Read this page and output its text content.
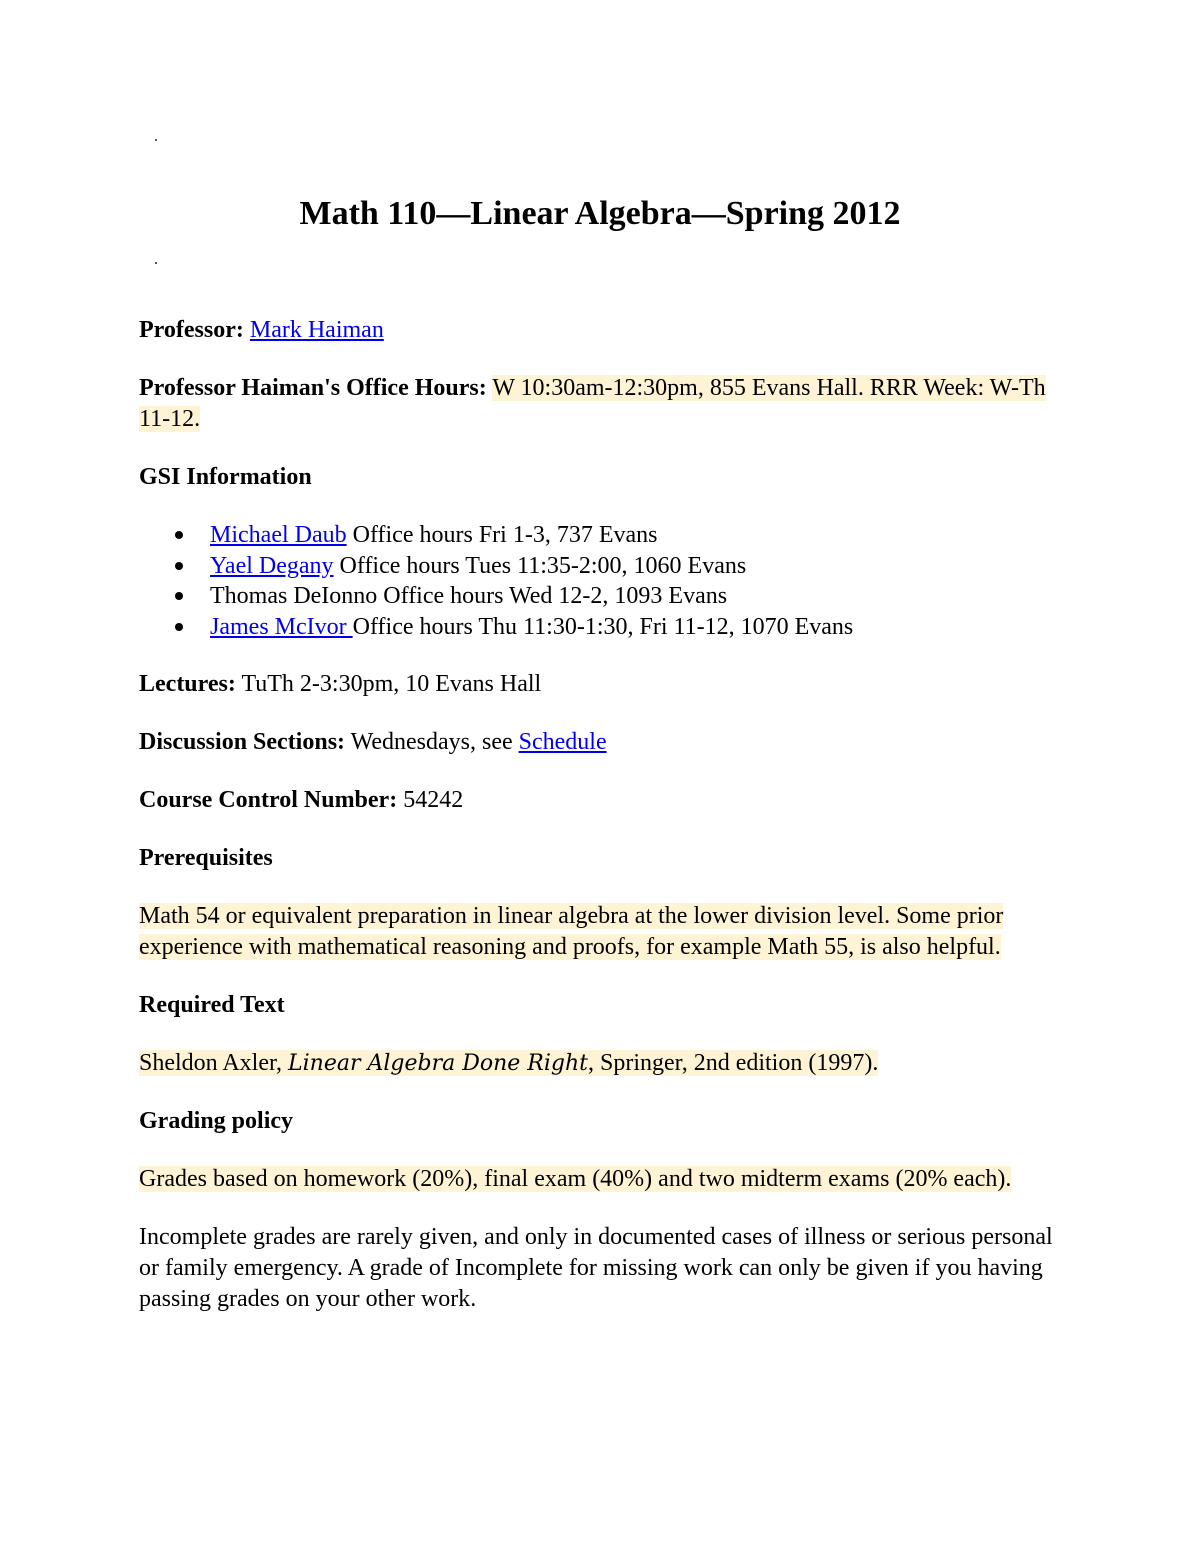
Math 110—Linear Algebra—Spring 2012

Professor: Mark Haiman

Professor Haiman's Office Hours: W 10:30am-12:30pm, 855 Evans Hall. RRR Week: W-Th 11-12.

GSI Information

Michael Daub Office hours Fri 1-3, 737 Evans
Yael Degany Office hours Tues 11:35-2:00, 1060 Evans
Thomas DeIonno Office hours Wed 12-2, 1093 Evans
James McIvor Office hours Thu 11:30-1:30, Fri 11-12, 1070 Evans

Lectures: TuTh 2-3:30pm, 10 Evans Hall

Discussion Sections: Wednesdays, see Schedule

Course Control Number: 54242

Prerequisites

Math 54 or equivalent preparation in linear algebra at the lower division level. Some prior experience with mathematical reasoning and proofs, for example Math 55, is also helpful.

Required Text

Sheldon Axler, Linear Algebra Done Right, Springer, 2nd edition (1997).

Grading policy

Grades based on homework (20%), final exam (40%) and two midterm exams (20% each).

Incomplete grades are rarely given, and only in documented cases of illness or serious personal or family emergency. A grade of Incomplete for missing work can only be given if you having passing grades on your other work.
